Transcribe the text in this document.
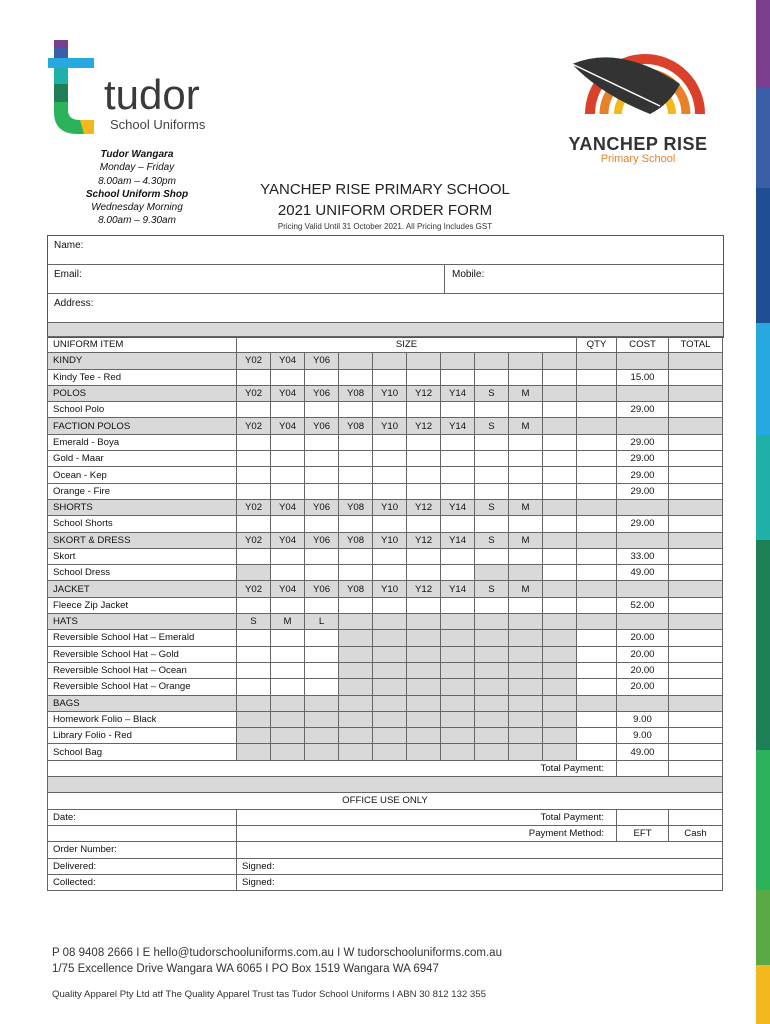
tudor
School Uniforms
Tudor Wangara
Monday – Friday
8.00am – 4.30pm
School Uniform Shop
Wednesday Morning
8.00am – 9.30am
YANCHEP RISE PRIMARY SCHOOL
2021 UNIFORM ORDER FORM
Pricing Valid Until 31 October 2021. All Pricing Includes GST
YANCHEP RISE
Primary School
Name:
Email:	Mobile:
Address:
UNIFORM ITEM	SIZE										QTY	COST	TOTAL
KINDY	Y02	Y04	Y06										
Kindy Tee - Red												15.00	
POLOS	Y02	Y04	Y06	Y08	Y10	Y12	Y14	S	M				
School Polo												29.00	
FACTION POLOS	Y02	Y04	Y06	Y08	Y10	Y12	Y14	S	M				
Emerald - Boya												29.00	
Gold - Maar												29.00	
Ocean - Kep												29.00	
Orange - Fire												29.00	
SHORTS	Y02	Y04	Y06	Y08	Y10	Y12	Y14	S	M				
School Shorts												29.00	
SKORT & DRESS	Y02	Y04	Y06	Y08	Y10	Y12	Y14	S	M				
Skort												33.00	
School Dress												49.00	
JACKET	Y02	Y04	Y06	Y08	Y10	Y12	Y14	S	M				
Fleece Zip Jacket												52.00	
HATS	S	M	L										
Reversible School Hat – Emerald												20.00	
Reversible School Hat – Gold												20.00	
Reversible School Hat – Ocean												20.00	
Reversible School Hat – Orange												20.00	
BAGS													
Homework Folio – Black												9.00	
Library Folio - Red												9.00	
School Bag												49.00	
Total Payment:													

OFFICE USE ONLY													
Date:	Total Payment:												
	Payment Method:											EFT	Cash
Order Number:													
Delivered:	Signed:												
Collected:	Signed:												
P 08 9408 2666 I E hello@tudorschooluniforms.com.au I W tudorschooluniforms.com.au
1/75 Excellence Drive Wangara WA 6065 I PO Box 1519 Wangara WA 6947
Quality Apparel Pty Ltd atf The Quality Apparel Trust tas Tudor School Uniforms I ABN 30 812 132 355
